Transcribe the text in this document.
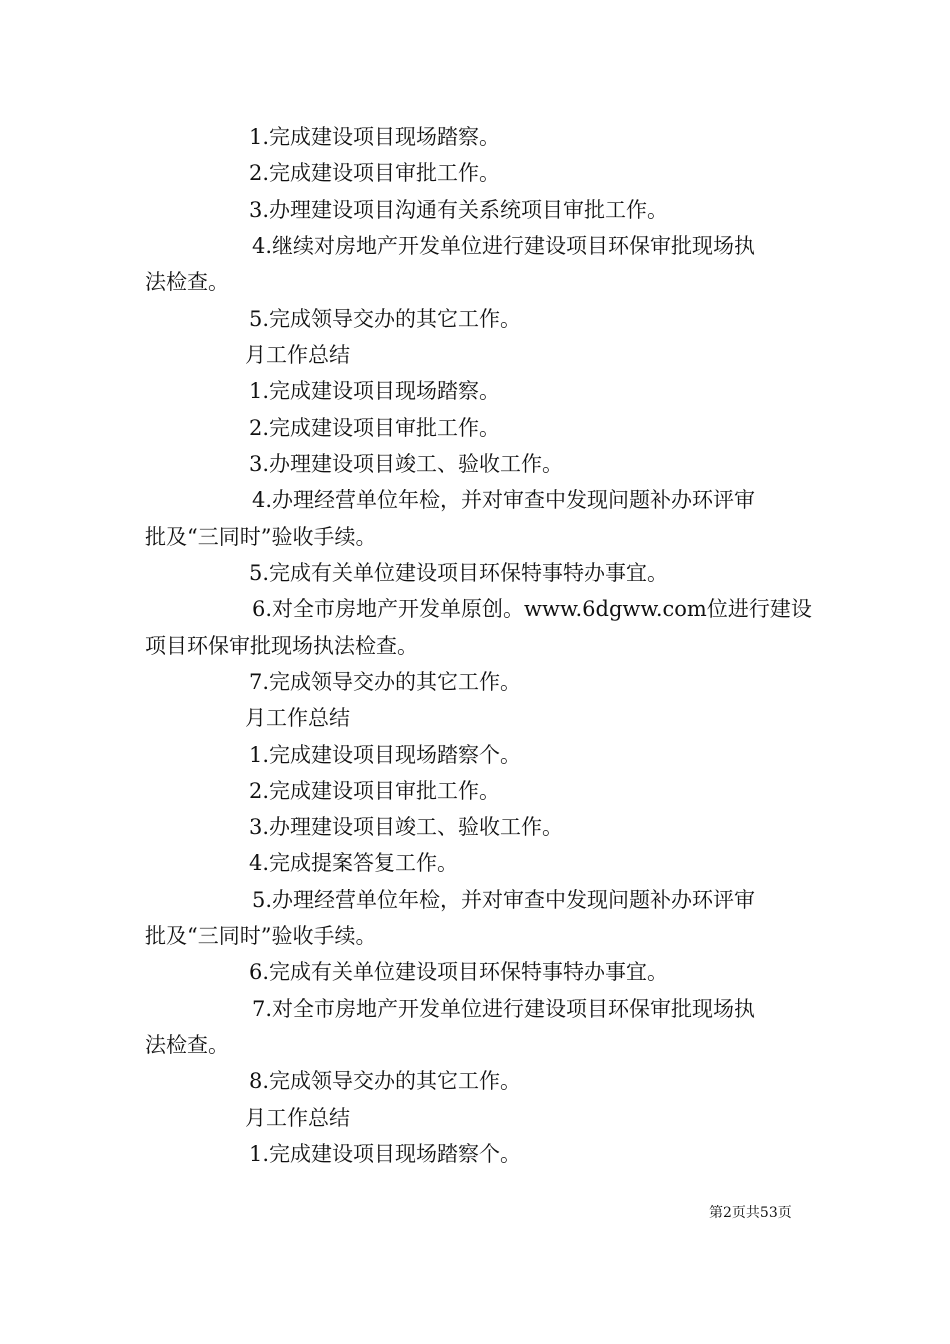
1.完成建设项目现场踏察。
2.完成建设项目审批工作。
3.办理建设项目沟通有关系统项目审批工作。
4.继续对房地产开发单位进行建设项目环保审批现场执
法检查。
5.完成领导交办的其它工作。
月工作总结
1.完成建设项目现场踏察。
2.完成建设项目审批工作。
3.办理建设项目竣工、验收工作。
4.办理经营单位年检，并对审查中发现问题补办环评审
批及“三同时”验收手续。
5.完成有关单位建设项目环保特事特办事宜。
6.对全市房地产开发单原创。www.6dgww.com位进行建设
项目环保审批现场执法检查。
7.完成领导交办的其它工作。
月工作总结
1.完成建设项目现场踏察个。
2.完成建设项目审批工作。
3.办理建设项目竣工、验收工作。
4.完成提案答复工作。
5.办理经营单位年检，并对审查中发现问题补办环评审
批及“三同时”验收手续。
6.完成有关单位建设项目环保特事特办事宜。
7.对全市房地产开发单位进行建设项目环保审批现场执
法检查。
8.完成领导交办的其它工作。
月工作总结
1.完成建设项目现场踏察个。
第2页共53页
